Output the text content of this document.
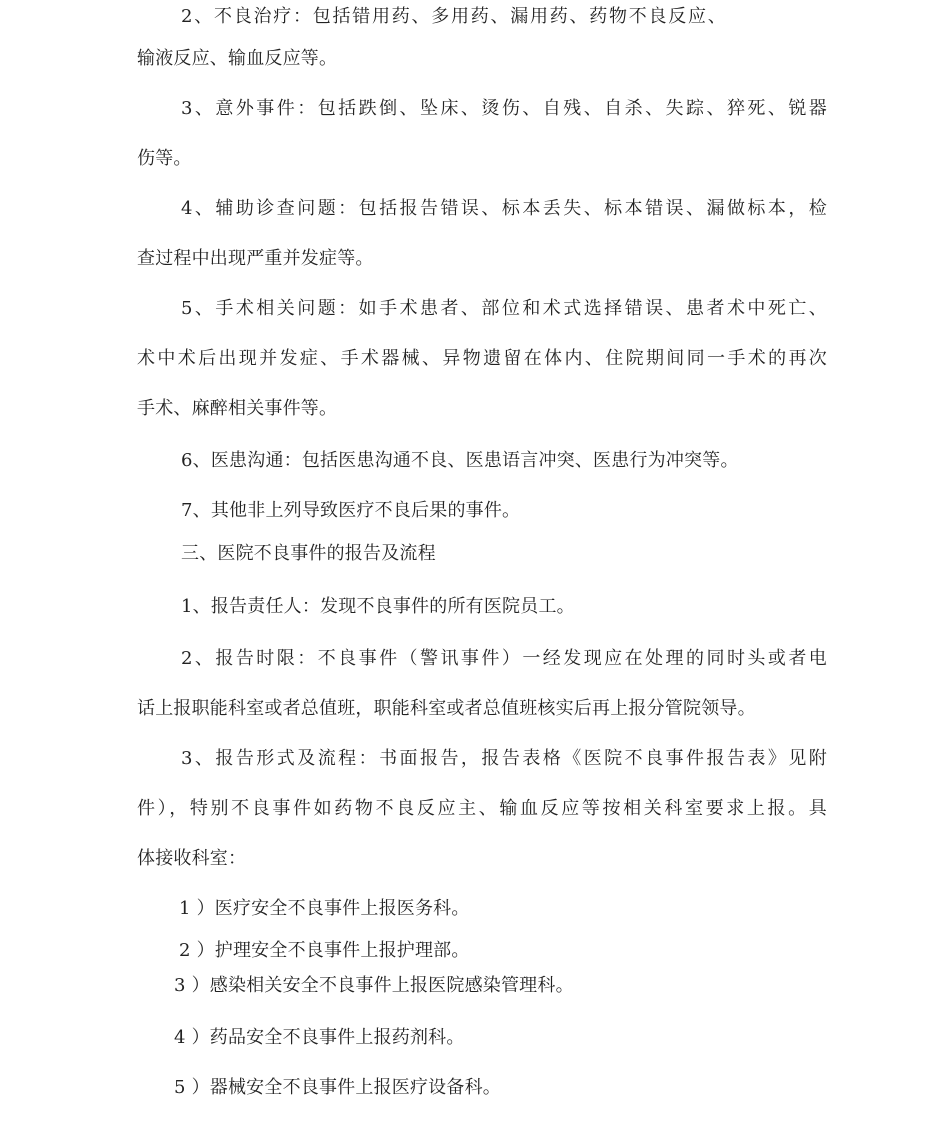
2、不良治疗：包括错用药、多用药、漏用药、药物不良反应、
输液反应、输血反应等。
3、意外事件：包括跌倒、坠床、烫伤、自残、自杀、失踪、猝死、锐器
伤等。
4、辅助诊查问题：包括报告错误、标本丢失、标本错误、漏做标本，检
查过程中出现严重并发症等。
5、手术相关问题：如手术患者、部位和术式选择错误、患者术中死亡、
术中术后出现并发症、手术器械、异物遗留在体内、住院期间同一手术的再次
手术、麻醉相关事件等。
6、医患沟通：包括医患沟通不良、医患语言冲突、医患行为冲突等。
7、其他非上列导致医疗不良后果的事件。
三、医院不良事件的报告及流程
1、报告责任人：发现不良事件的所有医院员工。
2、报告时限：不良事件（警讯事件）一经发现应在处理的同时头或者电
话上报职能科室或者总值班，职能科室或者总值班核实后再上报分管院领导。
3、报告形式及流程：书面报告，报告表格《医院不良事件报告表》见附
件），特别不良事件如药物不良反应主、输血反应等按相关科室要求上报。具
体接收科室：
1 ）医疗安全不良事件上报医务科。
2 ）护理安全不良事件上报护理部。
3 ）感染相关安全不良事件上报医院感染管理科。
4 ）药品安全不良事件上报药剂科。
5 ）器械安全不良事件上报医疗设备科。
